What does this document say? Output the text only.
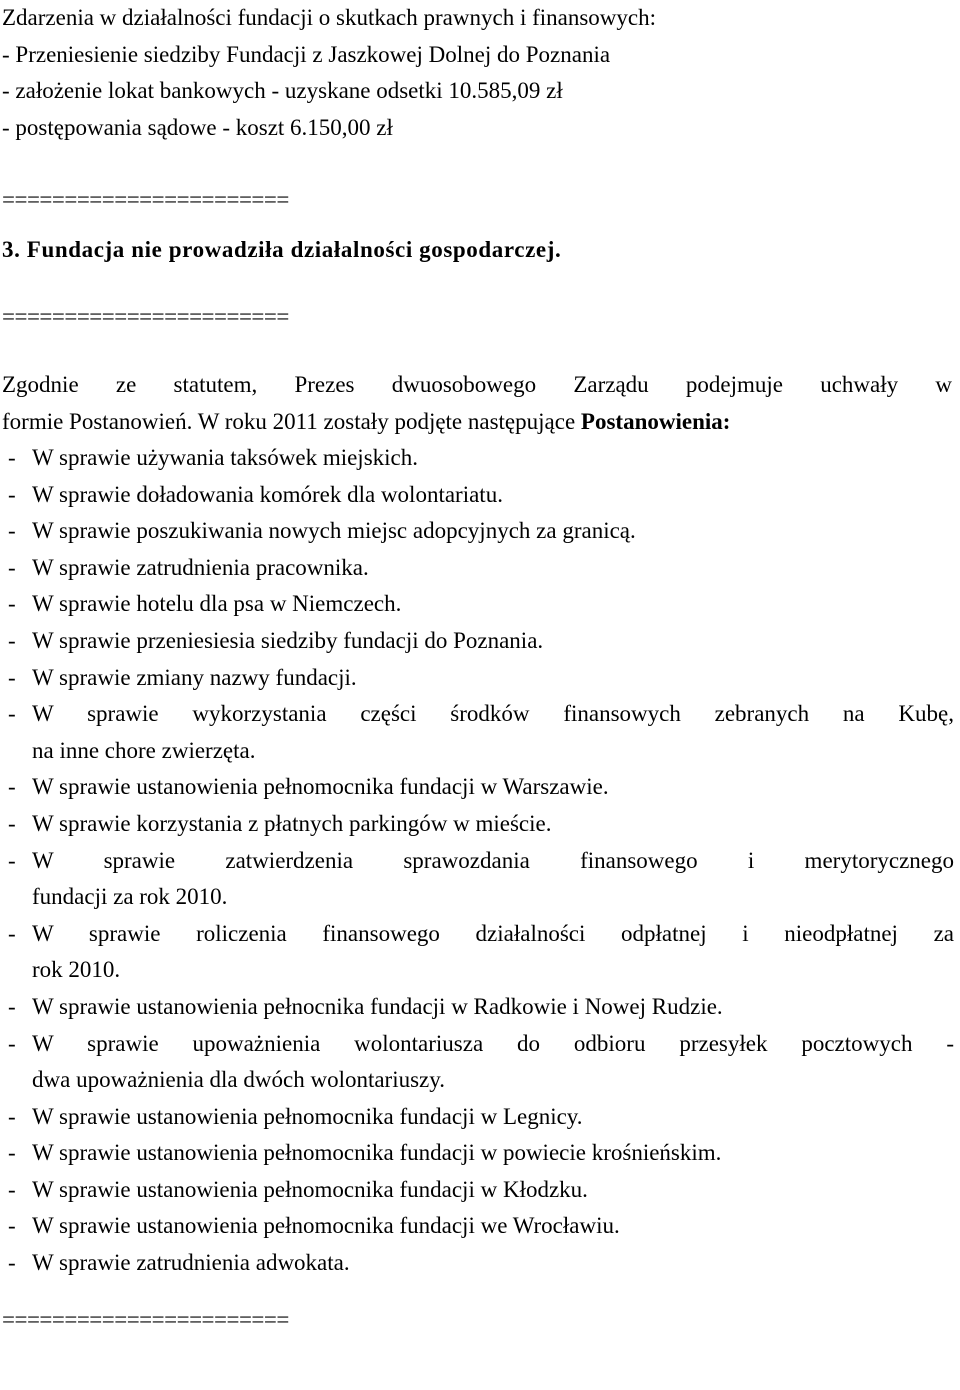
Zdarzenia w działalności fundacji o skutkach prawnych i finansowych:

- Przeniesienie siedziby Fundacji z Jaszkowej Dolnej do Poznania

- założenie lokat bankowych - uzyskane odsetki 10.585,09 zł

- postępowania sądowe - koszt 6.150,00 zł

=======================

3. Fundacja nie prowadziła działalności gospodarczej.

=======================

Zgodnie ze statutem, Prezes dwuosobowego Zarządu podejmuje uchwały w
formie Postanowień. W roku 2011 zostały podjęte następujące Postanowienia:
- W sprawie używania taksówek miejskich.
- W sprawie doładowania komórek dla wolontariatu.
- W sprawie poszukiwania nowych miejsc adopcyjnych za granicą.
- W sprawie zatrudnienia pracownika.
- W sprawie hotelu dla psa w Niemczech.
- W sprawie przeniesiesia siedziby fundacji do Poznania.
- W sprawie zmiany nazwy fundacji.
- W sprawie wykorzystania części środków finansowych zebranych na Kubę,
na inne chore zwierzęta.
- W sprawie ustanowienia pełnomocnika fundacji w Warszawie.
- W sprawie korzystania z płatnych parkingów w mieście.
- W sprawie zatwierdzenia sprawozdania finansowego i merytorycznego
fundacji za rok 2010.
- W sprawie roliczenia finansowego działalności odpłatnej i nieodpłatnej za
rok 2010.
- W sprawie ustanowienia pełnocnika fundacji w Radkowie i Nowej Rudzie.
- W sprawie upoważnienia wolontariusza do odbioru przesyłek pocztowych -
dwa upoważnienia dla dwóch wolontariuszy.
- W sprawie ustanowienia pełnomocnika fundacji w Legnicy.
- W sprawie ustanowienia pełnomocnika fundacji w powiecie krośnieńskim.
- W sprawie ustanowienia pełnomocnika fundacji w Kłodzku.
- W sprawie ustanowienia pełnomocnika fundacji we Wrocławiu.
- W sprawie zatrudnienia adwokata.

=======================
